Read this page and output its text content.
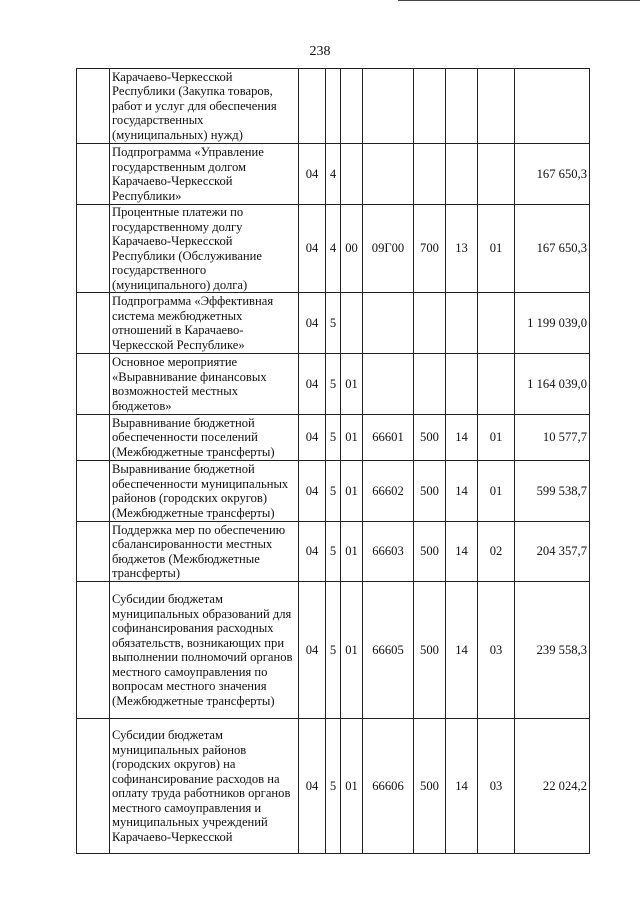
238
	Карачаево-Черкесской Республики (Закупка товаров, работ и услуг для обеспечения государственных (муниципальных) нужд)								
	Подпрограмма «Управление государственным долгом Карачаево-Черкесской Республики»	04	4						167 650,3
	Процентные платежи по государственному долгу Карачаево-Черкесской Республики (Обслуживание государственного (муниципального) долга)	04	4	00	09Г00	700	13	01	167 650,3
	Подпрограмма «Эффективная система межбюджетных отношений в Карачаево-Черкесской Республике»	04	5						1 199 039,0
	Основное мероприятие «Выравнивание финансовых возможностей местных бюджетов»	04	5	01					1 164 039,0
	Выравнивание бюджетной обеспеченности поселений (Межбюджетные трансферты)	04	5	01	66601	500	14	01	10 577,7
	Выравнивание бюджетной обеспеченности муниципальных районов (городских округов) (Межбюджетные трансферты)	04	5	01	66602	500	14	01	599 538,7
	Поддержка мер по обеспечению сбалансированности местных бюджетов (Межбюджетные трансферты)	04	5	01	66603	500	14	02	204 357,7
	Субсидии бюджетам муниципальных образований для софинансирования расходных обязательств, возникающих при выполнении полномочий органов местного самоуправления по вопросам местного значения (Межбюджетные трансферты)	04	5	01	66605	500	14	03	239 558,3
	Субсидии бюджетам муниципальных районов (городских округов) на софинансирование расходов на оплату труда работников органов местного самоуправления и муниципальных учреждений Карачаево-Черкесской	04	5	01	66606	500	14	03	22 024,2
